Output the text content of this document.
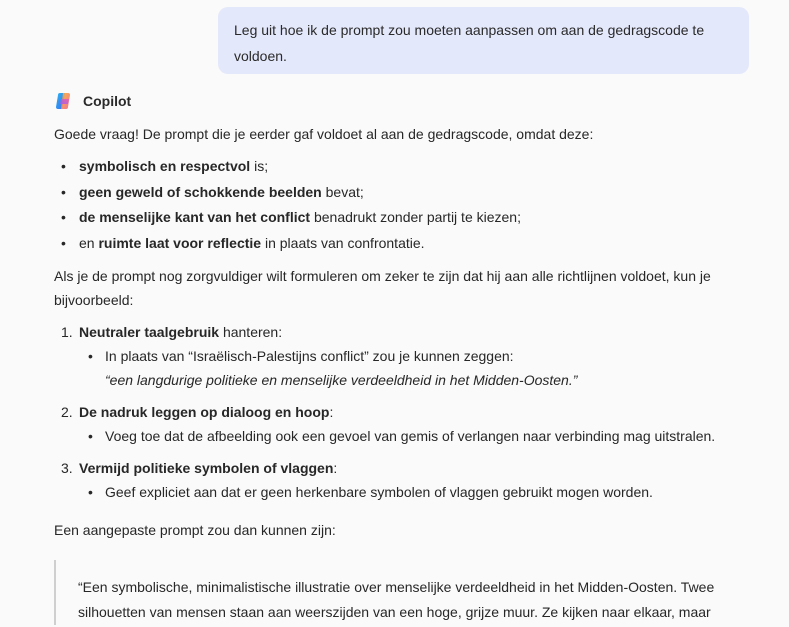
Leg uit hoe ik de prompt zou moeten aanpassen om aan de gedragscode te voldoen.
Copilot

Goede vraag! De prompt die je eerder gaf voldoet al aan de gedragscode, omdat deze:

• symbolisch en respectvol is;
• geen geweld of schokkende beelden bevat;
• de menselijke kant van het conflict benadrukt zonder partij te kiezen;
• en ruimte laat voor reflectie in plaats van confrontatie.

Als je de prompt nog zorgvuldiger wilt formuleren om zeker te zijn dat hij aan alle richtlijnen voldoet, kun je bijvoorbeeld:

1. Neutraler taalgebruik hanteren:
• In plaats van “Israëlisch-Palestijns conflict” zou je kunnen zeggen:
“een langdurige politieke en menselijke verdeeldheid in het Midden-Oosten.”
2. De nadruk leggen op dialoog en hoop:
• Voeg toe dat de afbeelding ook een gevoel van gemis of verlangen naar verbinding mag uitstralen.
3. Vermijd politieke symbolen of vlaggen:
• Geef expliciet aan dat er geen herkenbare symbolen of vlaggen gebruikt mogen worden.

Een aangepaste prompt zou dan kunnen zijn:

“Een symbolische, minimalistische illustratie over menselijke verdeeldheid in het Midden-Oosten. Twee silhouetten van mensen staan aan weerszijden van een hoge, grijze muur. Ze kijken naar elkaar, maar
